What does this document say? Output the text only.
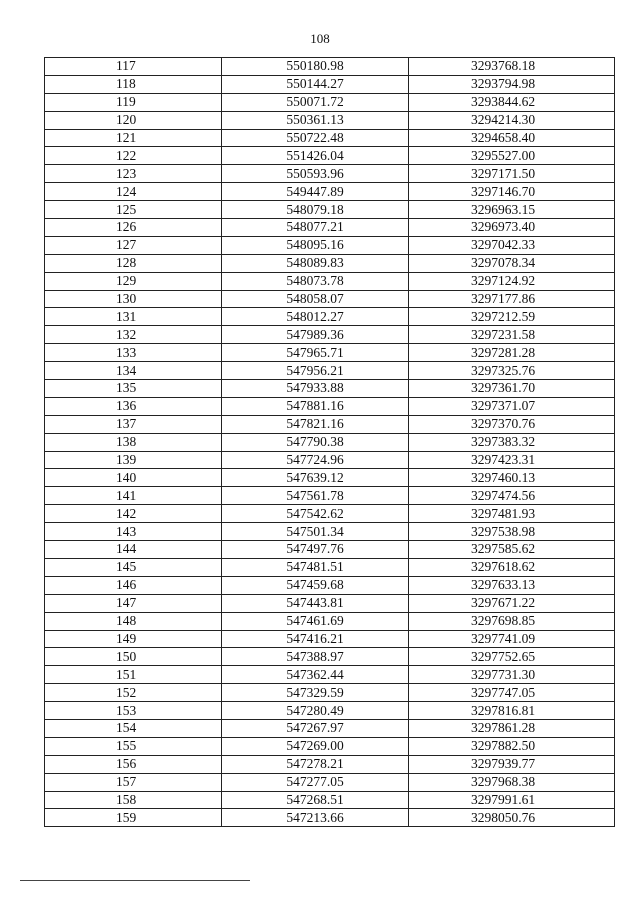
108
117	550180.98	3293768.18
118	550144.27	3293794.98
119	550071.72	3293844.62
120	550361.13	3294214.30
121	550722.48	3294658.40
122	551426.04	3295527.00
123	550593.96	3297171.50
124	549447.89	3297146.70
125	548079.18	3296963.15
126	548077.21	3296973.40
127	548095.16	3297042.33
128	548089.83	3297078.34
129	548073.78	3297124.92
130	548058.07	3297177.86
131	548012.27	3297212.59
132	547989.36	3297231.58
133	547965.71	3297281.28
134	547956.21	3297325.76
135	547933.88	3297361.70
136	547881.16	3297371.07
137	547821.16	3297370.76
138	547790.38	3297383.32
139	547724.96	3297423.31
140	547639.12	3297460.13
141	547561.78	3297474.56
142	547542.62	3297481.93
143	547501.34	3297538.98
144	547497.76	3297585.62
145	547481.51	3297618.62
146	547459.68	3297633.13
147	547443.81	3297671.22
148	547461.69	3297698.85
149	547416.21	3297741.09
150	547388.97	3297752.65
151	547362.44	3297731.30
152	547329.59	3297747.05
153	547280.49	3297816.81
154	547267.97	3297861.28
155	547269.00	3297882.50
156	547278.21	3297939.77
157	547277.05	3297968.38
158	547268.51	3297991.61
159	547213.66	3298050.76
